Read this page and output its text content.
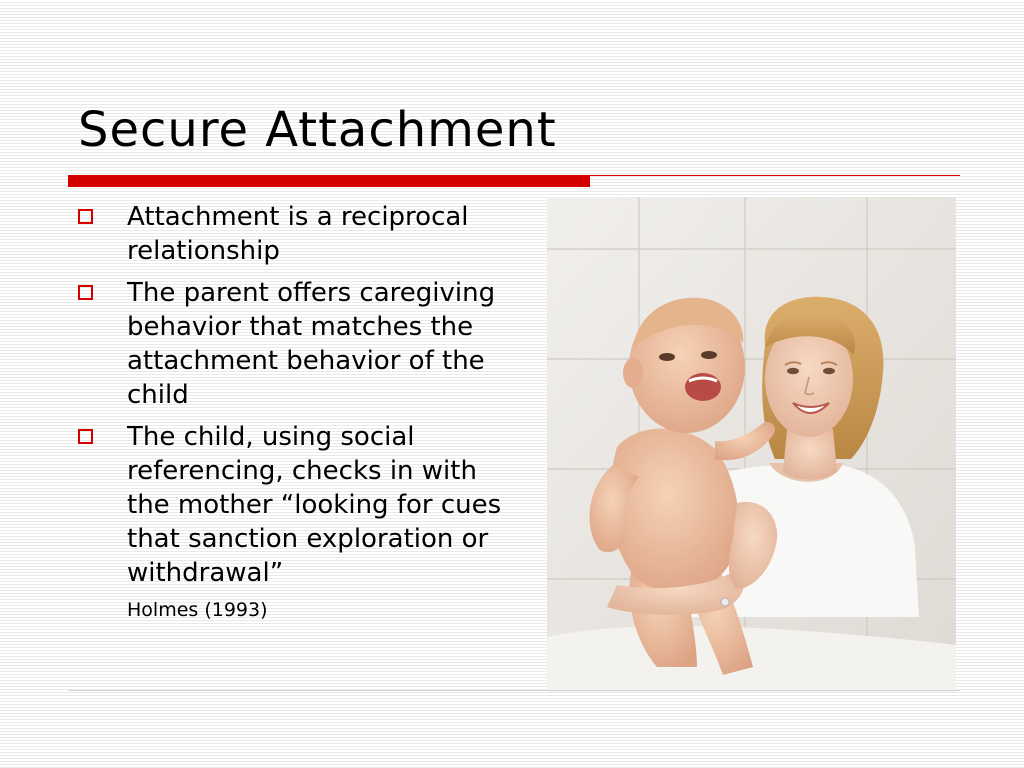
Secure Attachment
Attachment is a reciprocal relationship
The parent offers caregiving behavior that matches the attachment behavior of the child
The child, using social referencing, checks in with the mother “looking for cues that sanction exploration or withdrawal”
Holmes (1993)
